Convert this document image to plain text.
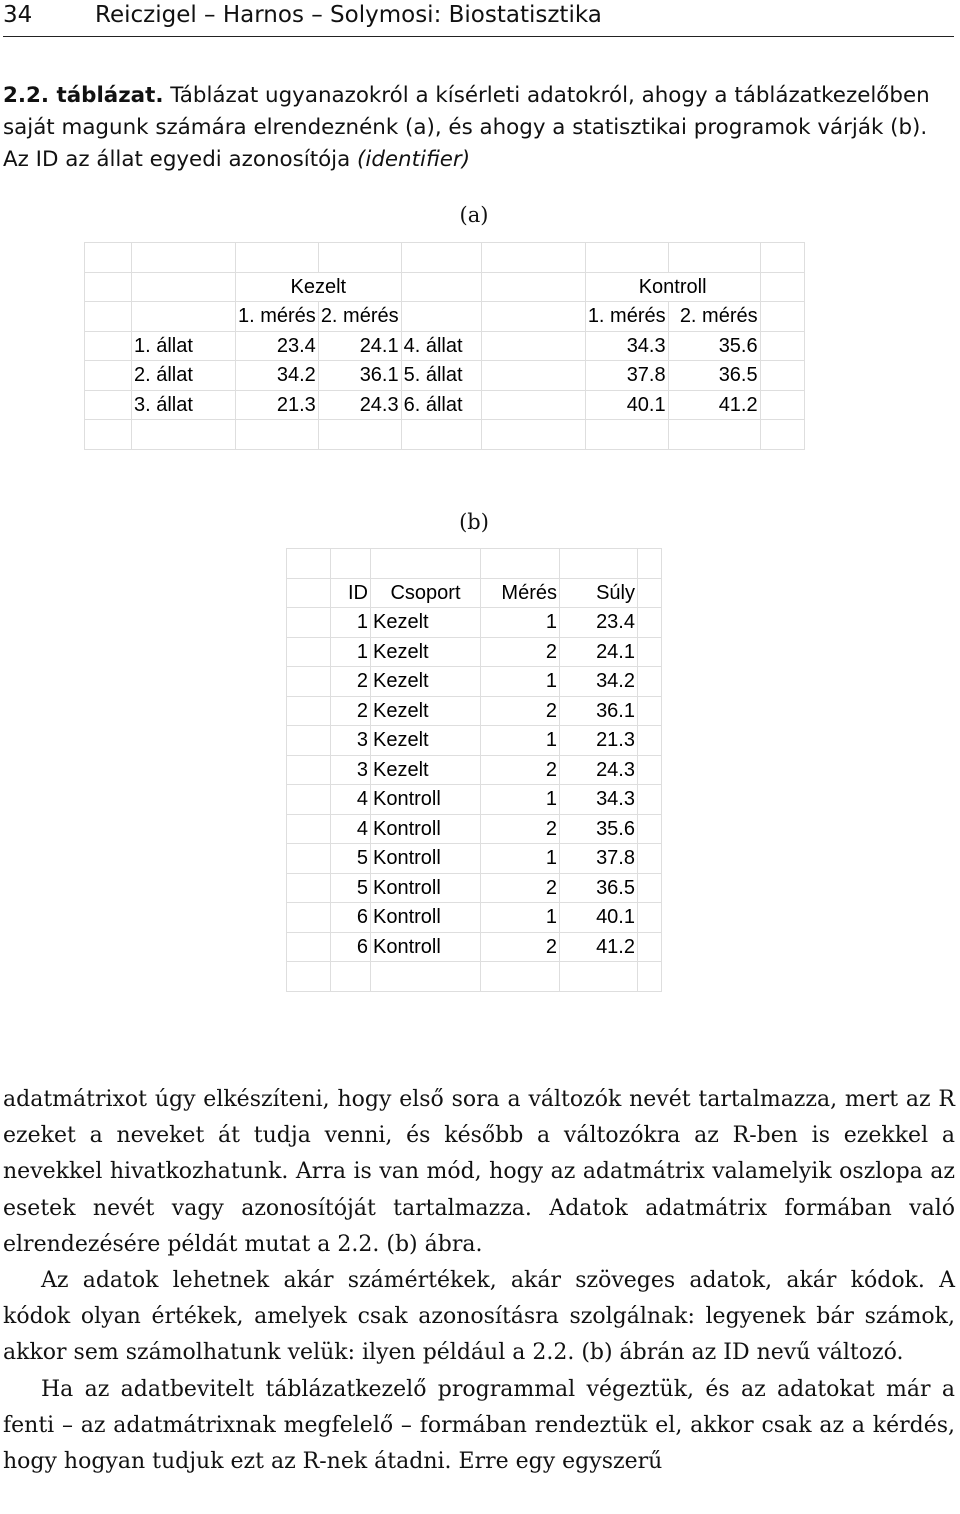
34	Reiczigel – Harnos – Solymosi: Biostatisztika
2.2. táblázat. Táblázat ugyanazokról a kísérleti adatokról, ahogy a táblázatkezelőben saját magunk számára elrendeznénk (a), és ahogy a statisztikai programok várják (b). Az ID az állat egyedi azonosítója (identifier)
(a)

		Kezelt				Kontroll		
		1. mérés	2. mérés			1. mérés	2. mérés	
	1. állat	23.4	24.1	4. állat		34.3	35.6	
	2. állat	34.2	36.1	5. állat		37.8	36.5	
	3. állat	21.3	24.3	6. állat		40.1	41.2	

(b)

	ID	Csoport	Mérés	Súly	
	1	Kezelt	1	23.4	
	1	Kezelt	2	24.1	
	2	Kezelt	1	34.2	
	2	Kezelt	2	36.1	
	3	Kezelt	1	21.3	
	3	Kezelt	2	24.3	
	4	Kontroll	1	34.3	
	4	Kontroll	2	35.6	
	5	Kontroll	1	37.8	
	5	Kontroll	2	36.5	
	6	Kontroll	1	40.1	
	6	Kontroll	2	41.2	

adatmátrixot úgy elkészíteni, hogy első sora a változók nevét tartalmazza, mert az R ezeket a neveket át tudja venni, és később a változókra az R-ben is ezekkel a nevekkel hivatkozhatunk. Arra is van mód, hogy az adatmátrix valamelyik oszlopa az esetek nevét vagy azonosítóját tartalmazza. Adatok adatmátrix formában való elrendezésére példát mutat a 2.2. (b) ábra.

Az adatok lehetnek akár számértékek, akár szöveges adatok, akár kódok. A kódok olyan értékek, amelyek csak azonosításra szolgálnak: legyenek bár számok, akkor sem számolhatunk velük: ilyen például a 2.2. (b) ábrán az ID nevű változó.

Ha az adatbevitelt táblázatkezelő programmal végeztük, és az adatokat már a fenti – az adatmátrixnak megfelelő – formában rendeztük el, akkor csak az a kérdés, hogy hogyan tudjuk ezt az R-nek átadni. Erre egy egyszerű
